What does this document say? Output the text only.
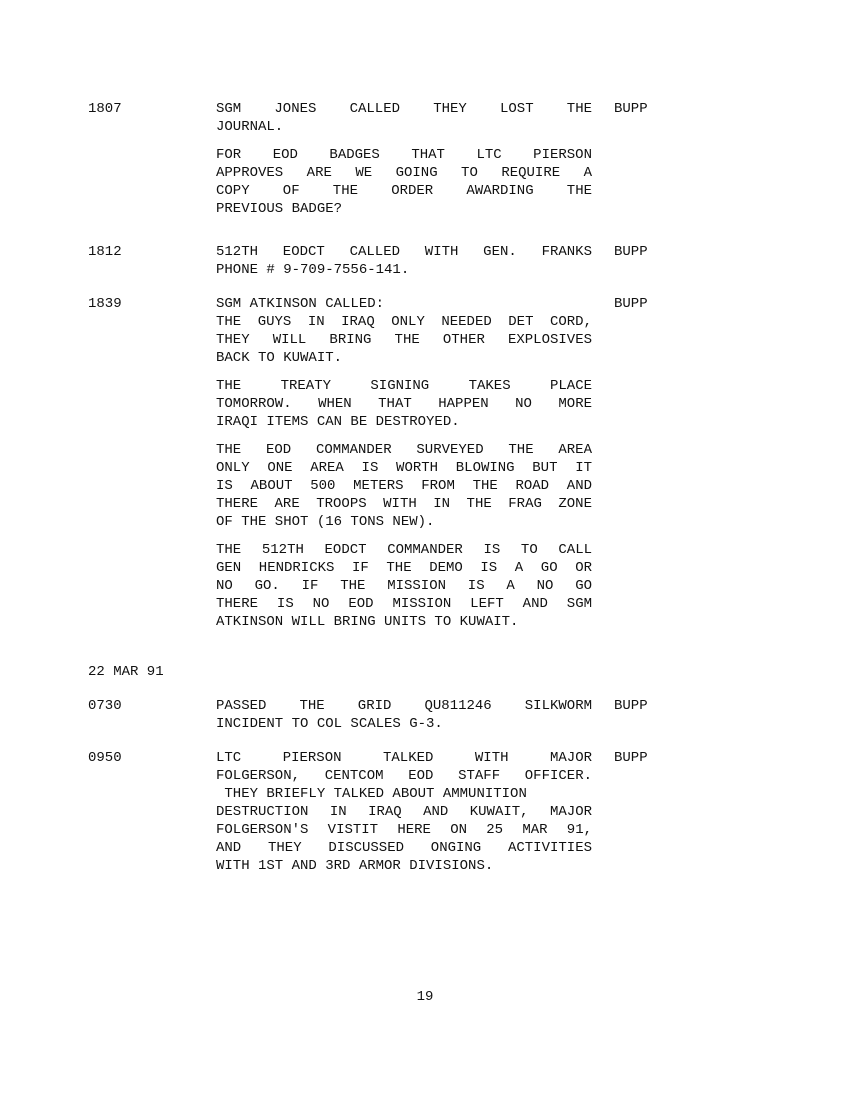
1807	SGM JONES CALLED THEY LOST THE
JOURNAL.
FOR EOD BADGES THAT LTC PIERSON
APPROVES ARE WE GOING TO REQUIRE A
COPY OF THE ORDER AWARDING THE
PREVIOUS BADGE?
BUPP
1812	512TH EODCT CALLED WITH GEN. FRANKS
PHONE # 9-709-7556-141.
BUPP
1839	SGM ATKINSON CALLED:
THE GUYS IN IRAQ ONLY NEEDED DET CORD,
THEY WILL BRING THE OTHER EXPLOSIVES
BACK TO KUWAIT.
THE TREATY SIGNING TAKES PLACE
TOMORROW. WHEN THAT HAPPEN NO MORE
IRAQI ITEMS CAN BE DESTROYED.
THE EOD COMMANDER SURVEYED THE AREA
ONLY ONE AREA IS WORTH BLOWING BUT IT
IS ABOUT 500 METERS FROM THE ROAD AND
THERE ARE TROOPS WITH IN THE FRAG ZONE
OF THE SHOT (16 TONS NEW).
THE 512TH EODCT COMMANDER IS TO CALL
GEN HENDRICKS IF THE DEMO IS A GO OR
NO GO. IF THE MISSION IS A NO GO
THERE IS NO EOD MISSION LEFT AND SGM
ATKINSON WILL BRING UNITS TO KUWAIT.
BUPP
22 MAR 91
0730	PASSED THE GRID QU811246 SILKWORM
INCIDENT TO COL SCALES G-3.
BUPP
0950	LTC PIERSON TALKED WITH MAJOR
FOLGERSON, CENTCOM EOD STAFF OFFICER.
THEY BRIEFLY TALKED ABOUT AMMUNITION
DESTRUCTION IN IRAQ AND KUWAIT, MAJOR
FOLGERSON'S VISTIT HERE ON 25 MAR 91,
AND THEY DISCUSSED ONGING ACTIVITIES
WITH 1ST AND 3RD ARMOR DIVISIONS.
BUPP
19
